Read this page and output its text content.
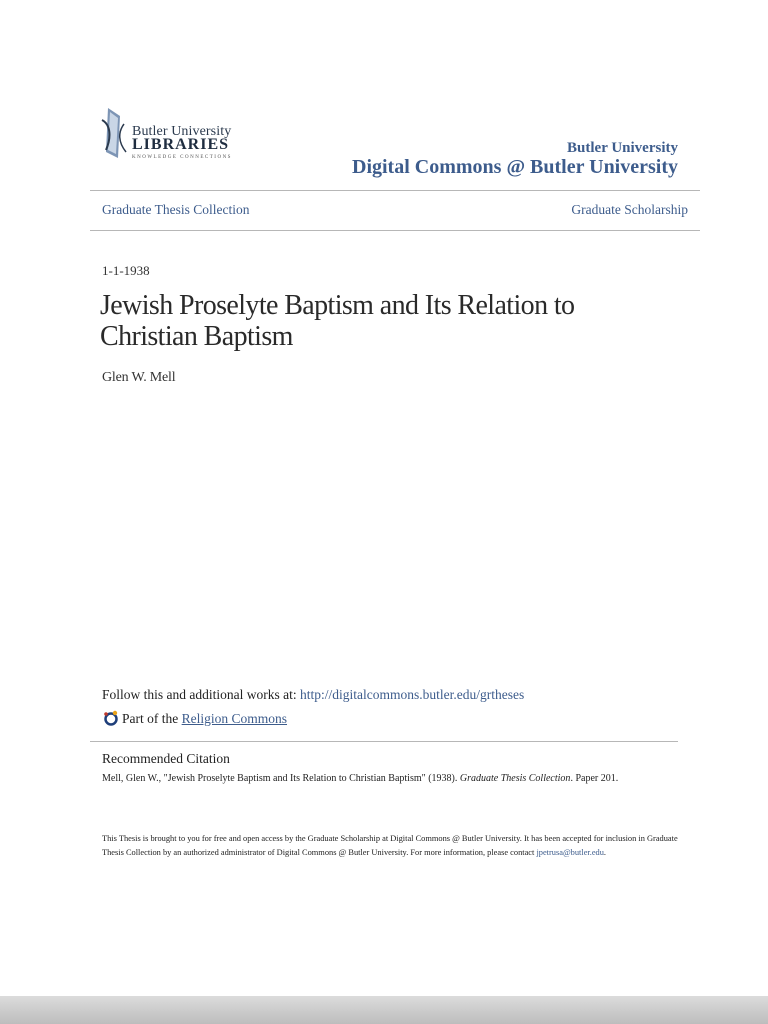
Butler University
LIBRARIES
KNOWLEDGE CONNECTIONS
Butler University
Digital Commons @ Butler University
Graduate Thesis Collection	Graduate Scholarship
1-1-1938
Jewish Proselyte Baptism and Its Relation to Christian Baptism
Glen W. Mell
Follow this and additional works at: http://digitalcommons.butler.edu/grtheses
Part of the Religion Commons
Recommended Citation
Mell, Glen W., "Jewish Proselyte Baptism and Its Relation to Christian Baptism" (1938). Graduate Thesis Collection. Paper 201.
This Thesis is brought to you for free and open access by the Graduate Scholarship at Digital Commons @ Butler University. It has been accepted for inclusion in Graduate Thesis Collection by an authorized administrator of Digital Commons @ Butler University. For more information, please contact jpetrusa@butler.edu.
